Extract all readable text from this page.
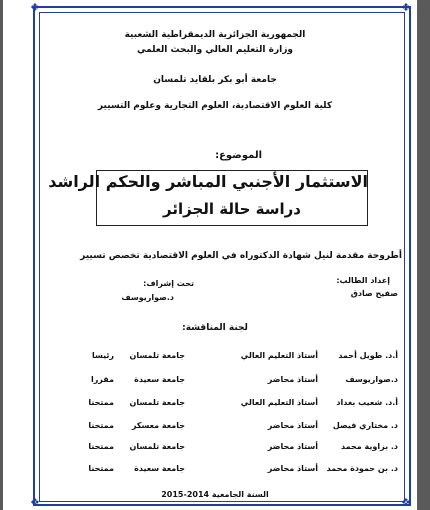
❖	❖
❖	❖
الجمهورية الجزائرية الديمقراطية الشعبية
وزارة التعليم العالي والبحث العلمي
جامعة أبو بكر بلقايد تلمسان
كلية العلوم الاقتصادية، العلوم التجارية وعلوم التسيير
الموضوع:
الاستثمار الأجنبي المباشر والحكم الراشد
دراسة حالة الجزائر
أطروحة مقدمة لنيل شهادة الدكتوراه في العلوم الاقتصادية تخصص تسيير
إعداد الطالب:
صفيح صادق
تحت إشراف:
د.صواريوسف
لجنة المناقشة:
أ.د. طويل أحمد
أستاذ التعليم العالي
جامعة تلمسان
رئيسا
د.صواريوسف
أستاذ محاضر
جامعة سعيدة
مقررا
أ.د. شعيب بغداد
أستاذ التعليم العالي
جامعة تلمسان
ممتحنا
د. مختاري فيصل
أستاذ محاضر
جامعة معسكر
ممتحنا
د. بزاوية محمد
أستاذ محاضر
جامعة تلمسان
ممتحنا
د. بن حمودة محمد
أستاذ محاضر
جامعة سعيدة
ممتحنا
السنة الجامعية 2014-2015
